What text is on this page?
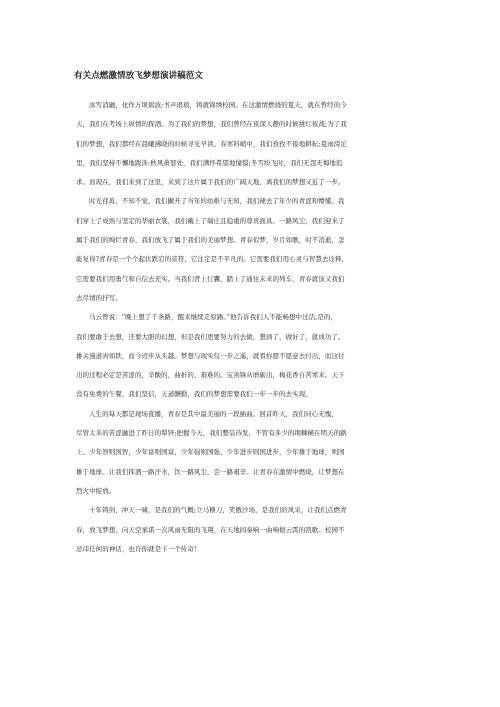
有关点燃激情放飞梦想演讲稿范文
冰雪消融，化作万顷碧波;书声琅琅，铸就锦绣校园。在这激情燃烧的夏天，就在曾经的今
天，我们在考场上纵情的挥洒。为了我们的梦想，我们曾经在夜深人静的时候挑灯夜战;为了我
们的梦想，我们都经在晨曦拂晓的时候寻光早读。春寒料峭中，我们孜孜不倦地耕耘;夏雨滂沱
里，我们坚持不懈地跋涉;秋风萧瑟处，我们满怀希望地憧憬;冬雪纷飞时，我们无怨无悔地追
求。而现在，我们来到了这里，来到了这片属于我们的广阔天地，离我们的梦想又近了一步。
时光荏苒，不知不觉，我们撇开了当年的幼稚与无知，我们褪去了年少的青涩和懵懂。我
们穿上了成熟与坚定的华丽衣裳，我们戴上了端庄且稳重的尊贵面具。一路风尘，我们迎来了
属于我们的绚烂青春，我们放飞了属于我们的美丽梦想。青春似梦，岁月如歌，时不消逝，怎
能复得?青春是一个个起伏跌宕的音符，它注定是不平凡的。它需要我们用心灵与智慧去诠释，
它需要我们用勇气和自信去充实。当我们背上行囊，踏上了通往未来的列车，青春就该又我们
去尽情的抒写。
马云曾说：“晚上想了千条路，醒来继续走原路。”他告诉我们人不能畅想中过活,是的，
我们要敢于去想，还要大胆的幻想，但是我们更要努力的去做，想到了，做好了，就成功了。
雄关漫道真如铁，而今迈步从头越。梦想与现实仅一步之遥，就看你愿不愿意去付出，而这付
出的过程必定是苦涩的，辛酸的，曲折的，艰难的。宝剑锋从磨砺出，梅花香自苦寒来。天下
没有免费的午餐，我们坚信，天道酬勤，我们的梦想需要我们一步一步的去实现。
人生的每天都是现场直播，青春是其中最美丽的一段插曲。回首昨天，我们问心无愧，
尽管太多的苦涩融进了昨日的犁锌;把握今天，我们整装待发，不管有多少的荆棘横在明天的路
上。少年智则国智，少年富则国富，少年强则国强，少年进步则国进步，少年雄于地球，则国
雄于地球。让我们挥洒一路汗水，饮一路风尘，尝一路艰辛。让青春在激情中燃烧，让梦想在
烈火中绽放。
十年铸剑，冲天一啸，是我们的气概;立马横刀，笑傲沙场，是我们的风采，让我们点燃青
春，放飞梦想，向天空承诺一次风雨无阻的飞翔，在天地间奏响一曲响彻云霄的凯歌。校园不
忌讳任何的神话，也许你就是下一个传奇!
